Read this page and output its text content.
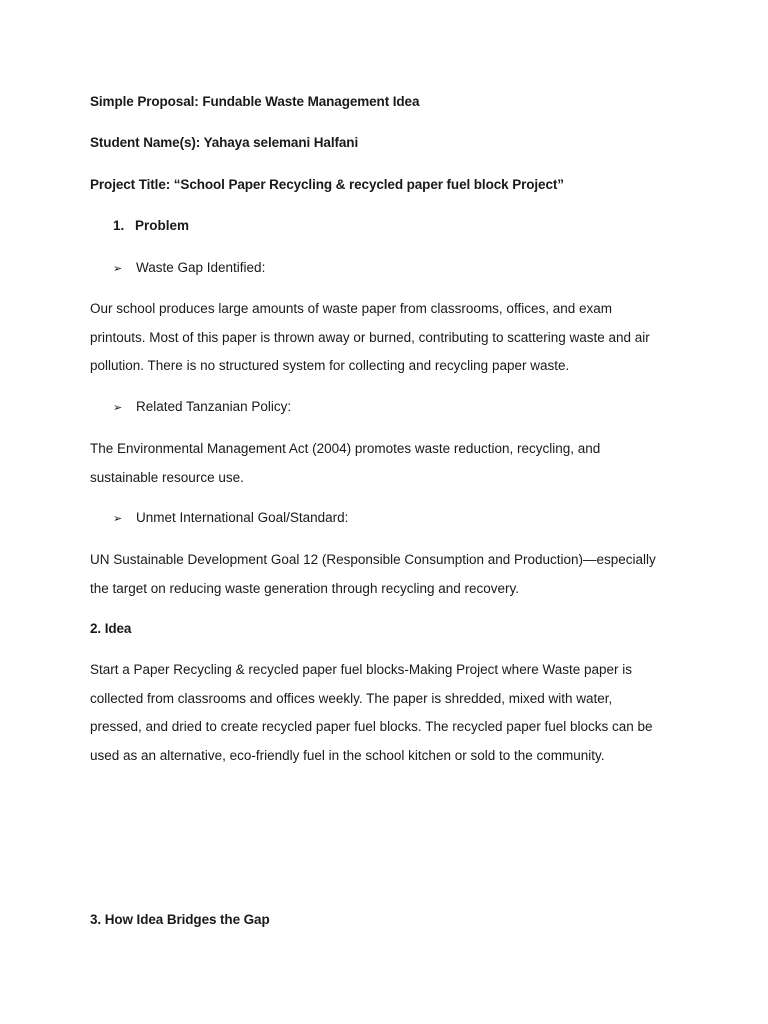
Simple Proposal: Fundable Waste Management Idea
Student Name(s): Yahaya selemani Halfani
Project Title: “School Paper Recycling & recycled paper fuel block Project”
1. Problem
➢ Waste Gap Identified:
Our school produces large amounts of waste paper from classrooms, offices, and exam
printouts. Most of this paper is thrown away or burned, contributing to scattering waste and air
pollution. There is no structured system for collecting and recycling paper waste.
➢ Related Tanzanian Policy:
The Environmental Management Act (2004) promotes waste reduction, recycling, and
sustainable resource use.
➢ Unmet International Goal/Standard:
UN Sustainable Development Goal 12 (Responsible Consumption and Production)—especially
the target on reducing waste generation through recycling and recovery.
2. Idea
Start a Paper Recycling & recycled paper fuel blocks-Making Project where Waste paper is
collected from classrooms and offices weekly. The paper is shredded, mixed with water,
pressed, and dried to create recycled paper fuel blocks. The recycled paper fuel blocks can be
used as an alternative, eco-friendly fuel in the school kitchen or sold to the community.
3. How Idea Bridges the Gap
